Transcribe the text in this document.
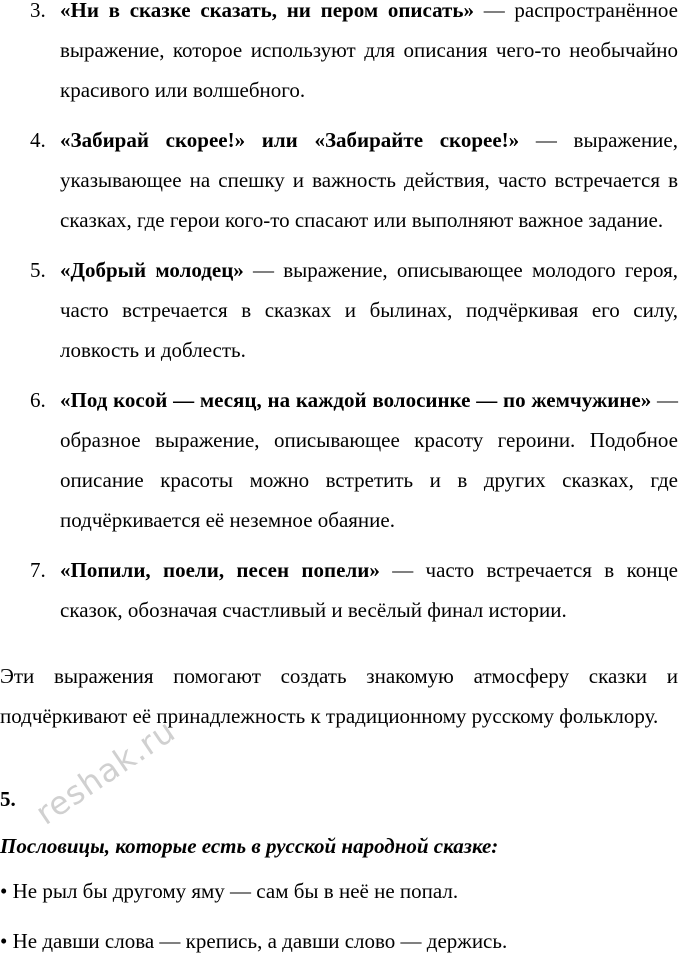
3. «Ни в сказке сказать, ни пером описать» — распространённое выражение, которое используют для описания чего-то необычайно красивого или волшебного.
4. «Забирай скорее!» или «Забирайте скорее!» — выражение, указывающее на спешку и важность действия, часто встречается в сказках, где герои кого-то спасают или выполняют важное задание.
5. «Добрый молодец» — выражение, описывающее молодого героя, часто встречается в сказках и былинах, подчёркивая его силу, ловкость и доблесть.
6. «Под косой — месяц, на каждой волосинке — по жемчужине» — образное выражение, описывающее красоту героини. Подобное описание красоты можно встретить и в других сказках, где подчёркивается её неземное обаяние.
7. «Попили, поели, песен попели» — часто встречается в конце сказок, обозначая счастливый и весёлый финал истории.

Эти выражения помогают создать знакомую атмосферу сказки и подчёркивают её принадлежность к традиционному русскому фольклору.

5.

Пословицы, которые есть в русской народной сказке:

• Не рыл бы другому яму — сам бы в неё не попал.
• Не давши слова — крепись, а давши слово — держись.
reshak.ru
